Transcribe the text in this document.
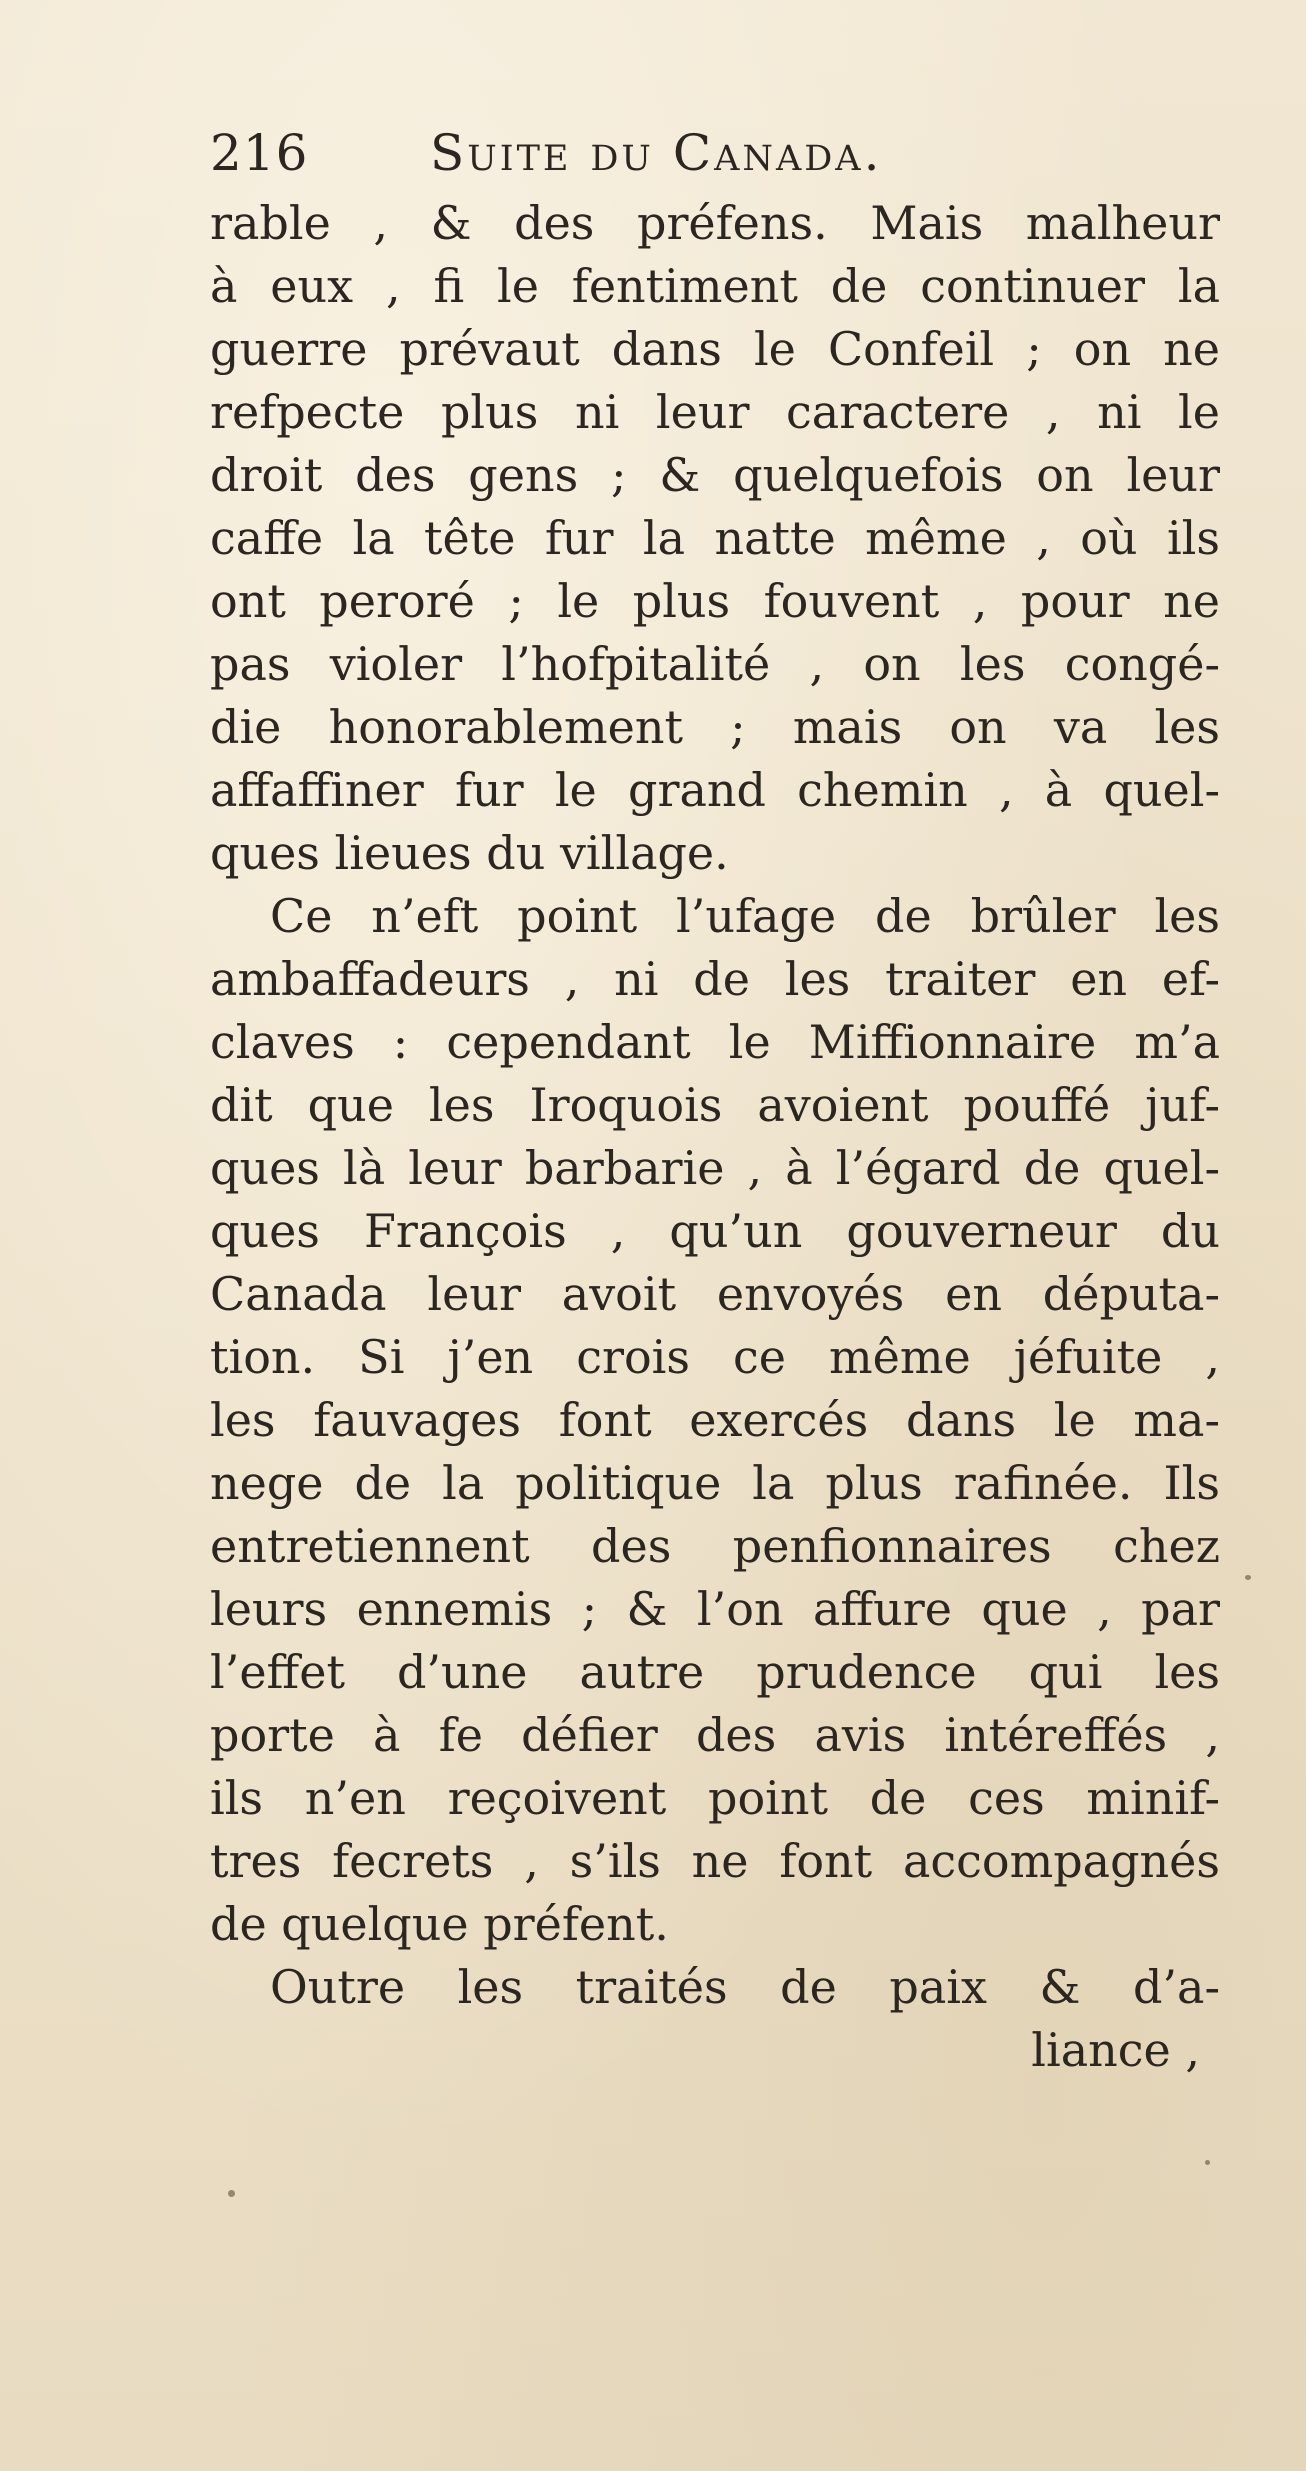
216	Suite du Canada.
rable , & des préfens. Mais malheur
à eux , fi le fentiment de continuer la
guerre prévaut dans le Confeil ; on ne
refpecte plus ni leur caractere , ni le
droit des gens ; & quelquefois on leur
caffe la tête fur la natte même , où ils
ont peroré ; le plus fouvent , pour ne
pas violer l’hofpitalité , on les congé-
die honorablement ; mais on va les
affaffiner fur le grand chemin , à quel-
ques lieues du village.
Ce n’eft point l’ufage de brûler les
ambaffadeurs , ni de les traiter en ef-
claves : cependant le Miffionnaire m’a
dit que les Iroquois avoient pouffé juf-
ques là leur barbarie , à l’égard de quel-
ques François , qu’un gouverneur du
Canada leur avoit envoyés en députa-
tion. Si j’en crois ce même jéfuite ,
les fauvages font exercés dans le ma-
nege de la politique la plus rafinée. Ils
entretiennent des penfionnaires chez
leurs ennemis ; & l’on affure que , par
l’effet d’une autre prudence qui les
porte à fe défier des avis intéreffés ,
ils n’en reçoivent point de ces minif-
tres fecrets , s’ils ne font accompagnés
de quelque préfent.
Outre les traités de paix & d’a-
liance ,
